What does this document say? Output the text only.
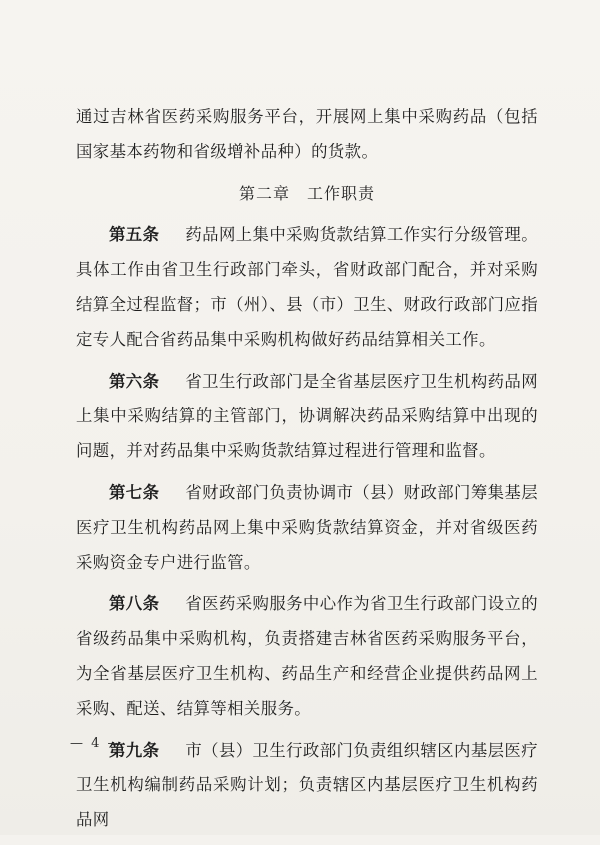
通过吉林省医药采购服务平台，开展网上集中采购药品（包括国家基本药物和省级增补品种）的货款。

第二章　工作职责

第五条 药品网上集中采购货款结算工作实行分级管理。具体工作由省卫生行政部门牵头，省财政部门配合，并对采购结算全过程监督；市（州）、县（市）卫生、财政行政部门应指定专人配合省药品集中采购机构做好药品结算相关工作。

第六条 省卫生行政部门是全省基层医疗卫生机构药品网上集中采购结算的主管部门，协调解决药品采购结算中出现的问题，并对药品集中采购货款结算过程进行管理和监督。

第七条 省财政部门负责协调市（县）财政部门筹集基层医疗卫生机构药品网上集中采购货款结算资金，并对省级医药采购资金专户进行监管。

第八条 省医药采购服务中心作为省卫生行政部门设立的省级药品集中采购机构，负责搭建吉林省医药采购服务平台，为全省基层医疗卫生机构、药品生产和经营企业提供药品网上采购、配送、结算等相关服务。

第九条 市（县）卫生行政部门负责组织辖区内基层医疗卫生机构编制药品采购计划；负责辖区内基层医疗卫生机构药品网

— 4 —
